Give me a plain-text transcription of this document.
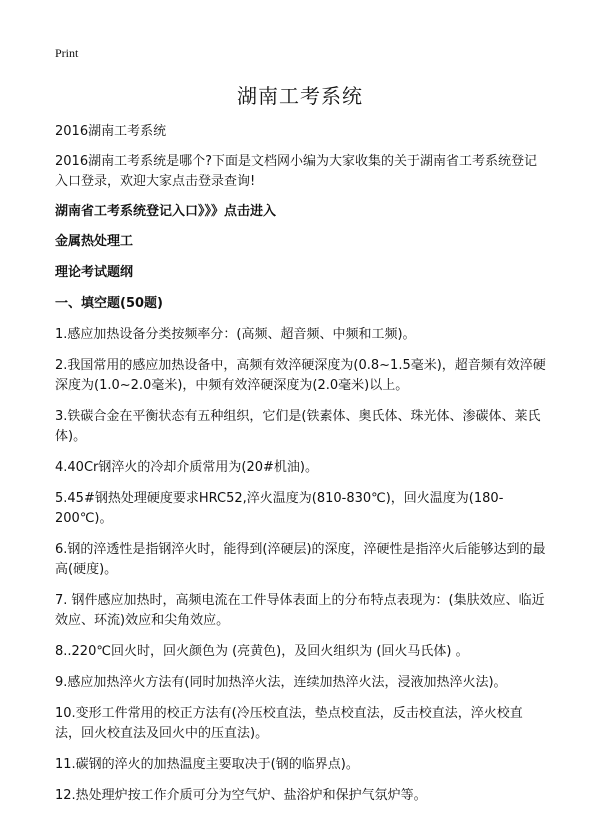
Print
湖南工考系统

2016湖南工考系统

2016湖南工考系统是哪个?下面是文档网小编为大家收集的关于湖南省工考系统登记入口登录，欢迎大家点击登录查询!

湖南省工考系统登记入口》》》点击进入

金属热处理工

理论考试题纲

一、填空题(50题)

1.感应加热设备分类按频率分：(高频、超音频、中频和工频)。

2.我国常用的感应加热设备中，高频有效淬硬深度为(0.8~1.5毫米)，超音频有效淬硬深度为(1.0~2.0毫米)，中频有效淬硬深度为(2.0毫米)以上。

3.铁碳合金在平衡状态有五种组织，它们是(铁素体、奥氏体、珠光体、渗碳体、莱氏体)。

4.40Cr钢淬火的冷却介质常用为(20#机油)。

5.45#钢热处理硬度要求HRC52,淬火温度为(810-830℃)，回火温度为(180-200℃)。

6.钢的淬透性是指钢淬火时，能得到(淬硬层)的深度，淬硬性是指淬火后能够达到的最高(硬度)。

7. 钢件感应加热时，高频电流在工件导体表面上的分布特点表现为：(集肤效应、临近效应、环流)效应和尖角效应。

8..220℃回火时，回火颜色为 (亮黄色)，及回火组织为 (回火马氏体) 。

9.感应加热淬火方法有(同时加热淬火法，连续加热淬火法，浸液加热淬火法)。

10.变形工件常用的校正方法有(冷压校直法，垫点校直法，反击校直法，淬火校直法，回火校直法及回火中的压直法)。

11.碳钢的淬火的加热温度主要取决于(钢的临界点)。

12.热处理炉按工作介质可分为空气炉、盐浴炉和保护气氛炉等。
